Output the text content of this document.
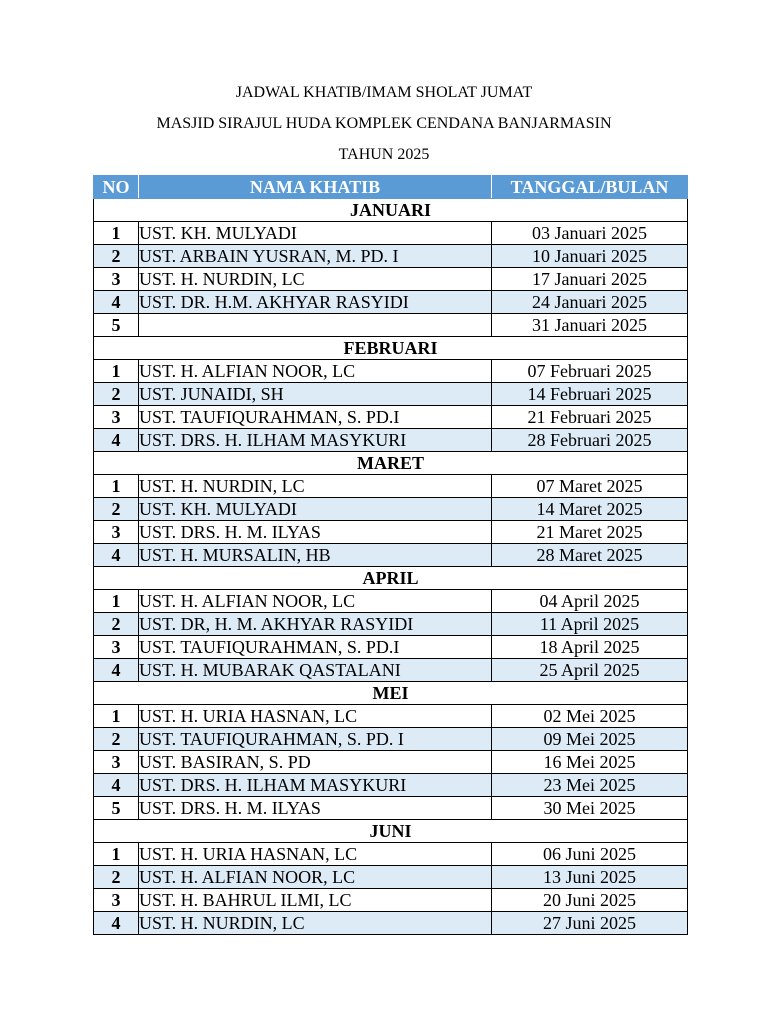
JADWAL KHATIB/IMAM SHOLAT JUMAT
MASJID SIRAJUL HUDA KOMPLEK CENDANA BANJARMASIN
TAHUN 2025
NO	NAMA KHATIB	TANGGAL/BULAN
JANUARI		
1	UST. KH. MULYADI	03 Januari 2025
2	UST. ARBAIN YUSRAN, M. PD. I	10 Januari 2025
3	UST. H. NURDIN, LC	17 Januari 2025
4	UST. DR. H.M. AKHYAR RASYIDI	24 Januari 2025
5		31 Januari 2025
FEBRUARI		
1	UST. H. ALFIAN NOOR, LC	07 Februari 2025
2	UST. JUNAIDI, SH	14 Februari 2025
3	UST. TAUFIQURAHMAN, S. PD.I	21 Februari 2025
4	UST. DRS. H. ILHAM MASYKURI	28 Februari 2025
MARET		
1	UST. H. NURDIN, LC	07 Maret 2025
2	UST. KH. MULYADI	14 Maret 2025
3	UST. DRS. H. M. ILYAS	21 Maret 2025
4	UST. H. MURSALIN, HB	28 Maret 2025
APRIL		
1	UST. H. ALFIAN NOOR, LC	04 April 2025
2	UST. DR, H. M. AKHYAR RASYIDI	11 April 2025
3	UST. TAUFIQURAHMAN, S. PD.I	18 April 2025
4	UST. H. MUBARAK QASTALANI	25 April 2025
MEI		
1	UST. H. URIA HASNAN, LC	02 Mei 2025
2	UST. TAUFIQURAHMAN, S. PD. I	09 Mei 2025
3	UST. BASIRAN, S. PD	16 Mei 2025
4	UST. DRS. H. ILHAM MASYKURI	23 Mei 2025
5	UST. DRS. H. M. ILYAS	30 Mei 2025
JUNI		
1	UST. H. URIA HASNAN, LC	06 Juni 2025
2	UST. H. ALFIAN NOOR, LC	13 Juni 2025
3	UST. H. BAHRUL ILMI, LC	20 Juni 2025
4	UST. H. NURDIN, LC	27 Juni 2025
